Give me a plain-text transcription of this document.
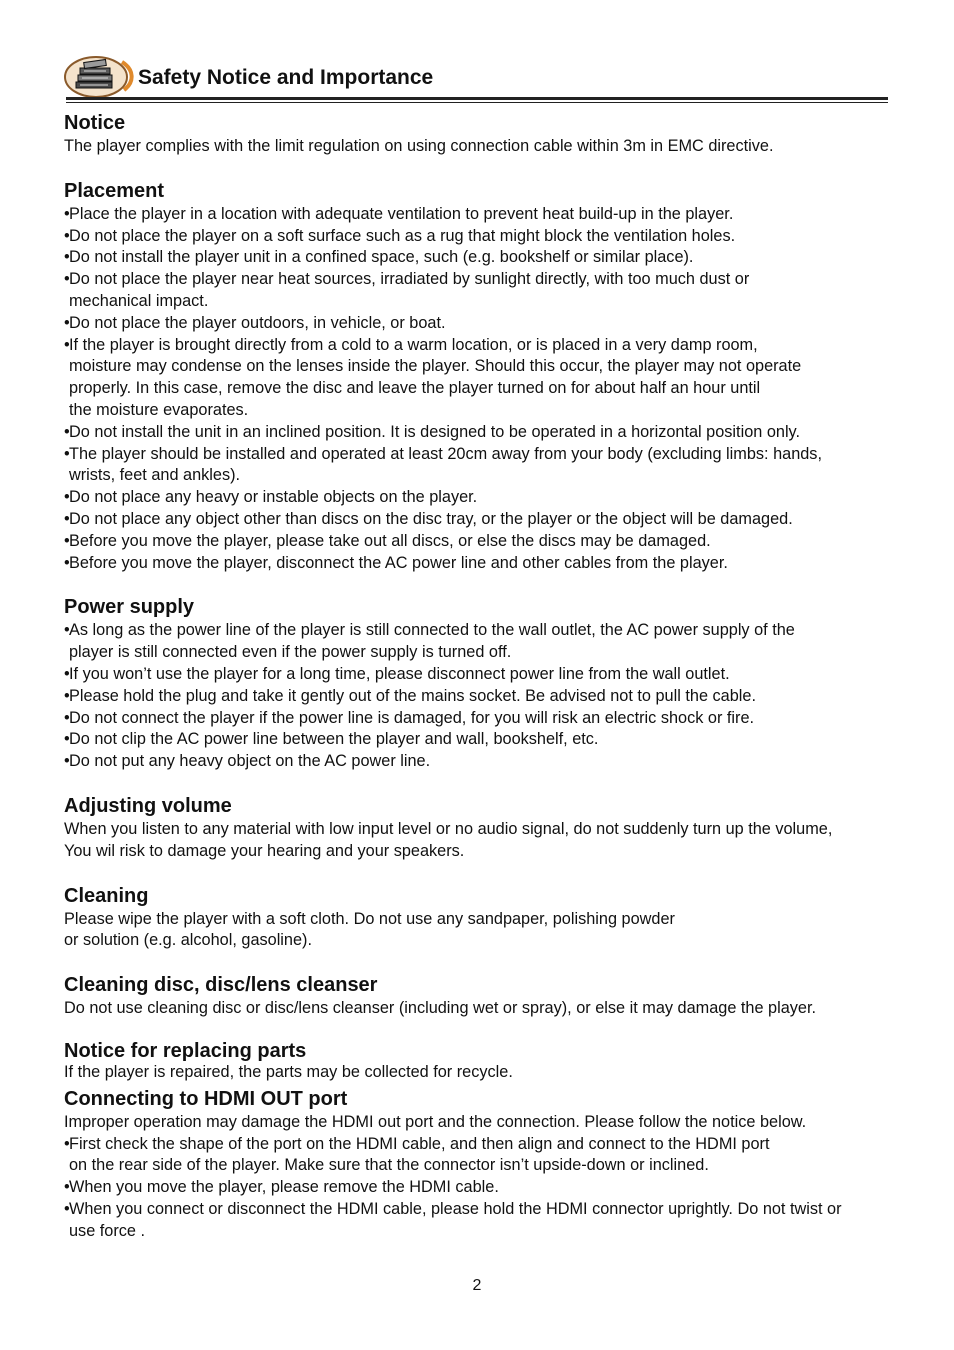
Safety Notice and Importance
Notice

The player complies with the limit regulation on using connection cable within 3m in EMC directive.

Placement
• Place the player in a location with adequate ventilation to prevent heat build-up in the player.
• Do not place the player on a soft surface such as a rug that might block the ventilation holes.
• Do not install the player unit in a confined space, such (e.g. bookshelf or similar place).
• Do not place the player near heat sources, irradiated by sunlight directly, with too much dust or
mechanical impact.
• Do not place the player outdoors, in vehicle, or boat.
• If the player is brought directly from a cold to a warm location, or is placed in a very damp room,
moisture may condense on the lenses inside the player. Should this occur, the player may not operate
properly. In this case, remove the disc and leave the player turned on for about half an hour until
the moisture evaporates.
• Do not install the unit in an inclined position. It is designed to be operated in a horizontal position only.
• The player should be installed and operated at least 20cm away from your body (excluding limbs: hands,
wrists, feet and ankles).
• Do not place any heavy or instable objects on the player.
• Do not place any object other than discs on the disc tray, or the player or the object will be damaged.
• Before you move the player, please take out all discs, or else the discs may be damaged.
• Before you move the player, disconnect the AC power line and other cables from the player.
Power supply
• As long as the power line of the player is still connected to the wall outlet, the AC power supply of the
player is still connected even if the power supply is turned off.
• If you won’t use the player for a long time, please disconnect power line from the wall outlet.
• Please hold the plug and take it gently out of the mains socket. Be advised not to pull the cable.
• Do not connect the player if the power line is damaged, for you will risk an electric shock or fire.
• Do not clip the AC power line between the player and wall, bookshelf, etc.
• Do not put any heavy object on the AC power line.
Adjusting volume

When you listen to any material with low input level or no audio signal, do not suddenly turn up the volume,
You wil risk to damage your hearing and your speakers.

Cleaning

Please wipe the player with a soft cloth. Do not use any sandpaper, polishing powder
or solution (e.g. alcohol, gasoline).

Cleaning disc, disc/lens cleanser

Do not use cleaning disc or disc/lens cleanser (including wet or spray), or else it may damage the player.

Notice for replacing parts

If the player is repaired, the parts may be collected for recycle.

Connecting to HDMI OUT port

Improper operation may damage the HDMI out port and the connection. Please follow the notice below.

• First check the shape of the port on the HDMI cable, and then align and connect to the HDMI port
on the rear side of the player. Make sure that the connector isn’t upside-down or inclined.
• When you move the player, please remove the HDMI cable.
• When you connect or disconnect the HDMI cable, please hold the HDMI connector uprightly. Do not twist or
use force .
2
